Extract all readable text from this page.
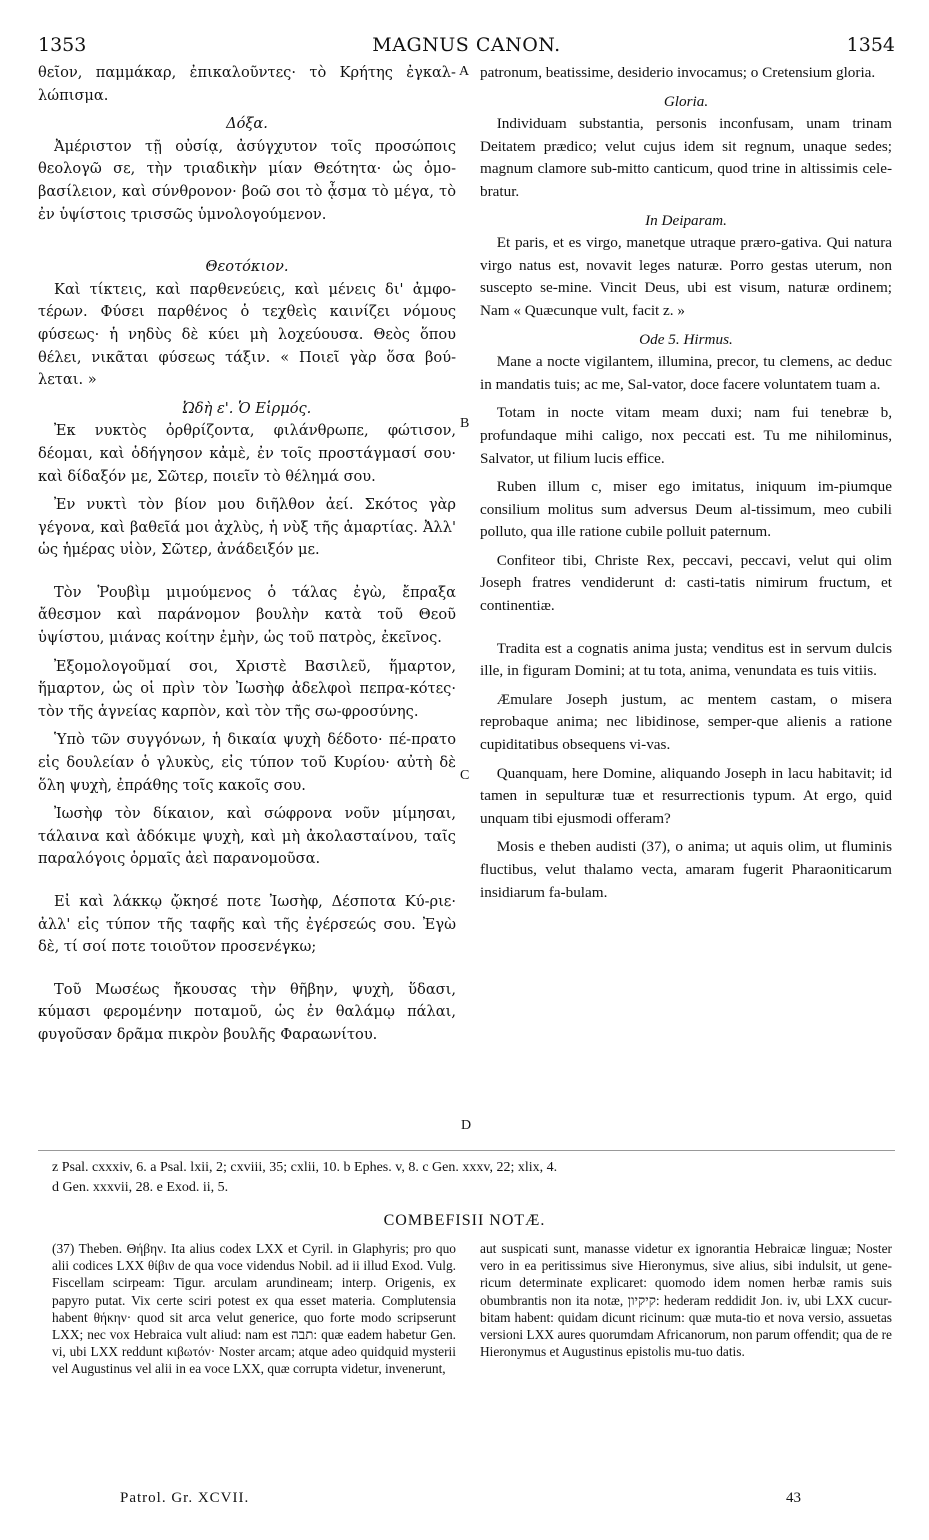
1353	MAGNUS CANON.	1354
A
B
C
D

θεῖον, παμμάκαρ, ἐπικαλοῦντες· τὸ Κρήτης ἐγκαλ-λώπισμα.

Δόξα.

Ἀμέριστον τῇ οὐσίᾳ, ἀσύγχυτον τοῖς προσώποις θεολογῶ σε, τὴν τριαδικὴν μίαν Θεότητα· ὡς ὁμο-βασίλειον, καὶ σύνθρονον· βοῶ σοι τὸ ᾆσμα τὸ μέγα, τὸ ἐν ὑψίστοις τρισσῶς ὑμνολογούμενον.

Θεοτόκιον.

Καὶ τίκτεις, καὶ παρθενεύεις, καὶ μένεις δι' ἀμφο-τέρων. Φύσει παρθένος ὁ τεχθεὶς καινίζει νόμους φύσεως· ἡ νηδὺς δὲ κύει μὴ λοχεύουσα. Θεὸς ὅπου θέλει, νικᾶται φύσεως τάξιν. « Ποιεῖ γὰρ ὅσα βού-λεται. »

Ὠδὴ ε'. Ὁ Εἱρμός.

Ἐκ νυκτὸς ὀρθρίζοντα, φιλάνθρωπε, φώτισον, δέομαι, καὶ ὁδήγησον κἀμὲ, ἐν τοῖς προστάγμασί σου· καὶ δίδαξόν με, Σῶτερ, ποιεῖν τὸ θέλημά σου.

Ἐν νυκτὶ τὸν βίον μου διῆλθον ἀεί. Σκότος γὰρ γέγονα, καὶ βαθεῖά μοι ἀχλὺς, ἡ νὺξ τῆς ἁμαρτίας. Ἀλλ' ὡς ἡμέρας υἱὸν, Σῶτερ, ἀνάδειξόν με.

Τὸν Ῥουβὶμ μιμούμενος ὁ τάλας ἐγὼ, ἔπραξα ἄθεσμον καὶ παράνομον βουλὴν κατὰ τοῦ Θεοῦ ὑψίστου, μιάνας κοίτην ἐμὴν, ὡς τοῦ πατρὸς, ἐκεῖνος.

Ἐξομολογοῦμαί σοι, Χριστὲ Βασιλεῦ, ἥμαρτον, ἥμαρτον, ὡς οἱ πρὶν τὸν Ἰωσὴφ ἀδελφοὶ πεπρα-κότες· τὸν τῆς ἁγνείας καρπὸν, καὶ τὸν τῆς σω-φροσύνης.

Ὑπὸ τῶν συγγόνων, ἡ δικαία ψυχὴ δέδοτο· πέ-πρατο εἰς δουλείαν ὁ γλυκὺς, εἰς τύπον τοῦ Κυρίου· αὐτὴ δὲ ὅλη ψυχὴ, ἐπράθης τοῖς κακοῖς σου.

Ἰωσὴφ τὸν δίκαιον, καὶ σώφρονα νοῦν μίμησαι, τάλαινα καὶ ἀδόκιμε ψυχὴ, καὶ μὴ ἀκολασταίνου, ταῖς παραλόγοις ὁρμαῖς ἀεὶ παρανομοῦσα.

Εἰ καὶ λάκκῳ ᾤκησέ ποτε Ἰωσὴφ, Δέσποτα Κύ-ριε· ἀλλ' εἰς τύπον τῆς ταφῆς καὶ τῆς ἐγέρσεώς σου. Ἐγὼ δὲ, τί σοί ποτε τοιοῦτον προσενέγκω;

Τοῦ Μωσέως ἤκουσας τὴν θῆβην, ψυχὴ, ὕδασι, κύμασι φερομένην ποταμοῦ, ὡς ἐν θαλάμῳ πάλαι, φυγοῦσαν δρᾶμα πικρὸν βουλῆς Φαραωνίτου.

patronum, beatissime, desiderio invocamus; o Cretensium gloria.

Gloria.

Individuam substantia, personis inconfusam, unam trinam Deitatem prædico; velut cujus idem sit regnum, unaque sedes; magnum clamore sub-mitto canticum, quod trine in altissimis cele-bratur.

In Deiparam.

Et paris, et es virgo, manetque utraque præro-gativa. Qui natura virgo natus est, novavit leges naturæ. Porro gestas uterum, non suscepto se-mine. Vincit Deus, ubi est visum, naturæ ordinem; Nam « Quæcunque vult, facit z. »

Ode 5. Hirmus.

Mane a nocte vigilantem, illumina, precor, tu clemens, ac deduc in mandatis tuis; ac me, Sal-vator, doce facere voluntatem tuam a.

Totam in nocte vitam meam duxi; nam fui tenebræ b, profundaque mihi caligo, nox peccati est. Tu me nihilominus, Salvator, ut filium lucis effice.

Ruben illum c, miser ego imitatus, iniquum im-piumque consilium molitus sum adversus Deum al-tissimum, meo cubili polluto, qua ille ratione cubile polluit paternum.

Confiteor tibi, Christe Rex, peccavi, peccavi, velut qui olim Joseph fratres vendiderunt d: casti-tatis nimirum fructum, et continentiæ.

Tradita est a cognatis anima justa; venditus est in servum dulcis ille, in figuram Domini; at tu tota, anima, venundata es tuis vitiis.

Æmulare Joseph justum, ac mentem castam, o misera reprobaque anima; nec libidinose, semper-que alienis a ratione cupiditatibus obsequens vi-vas.

Quanquam, here Domine, aliquando Joseph in lacu habitavit; id tamen in sepulturæ tuæ et resurrectionis typum. At ergo, quid unquam tibi ejusmodi offeram?

Mosis e theben audisti (37), o anima; ut aquis olim, ut fluminis fluctibus, velut thalamo vecta, amaram fugerit Pharaoniticarum insidiarum fa-bulam.

z Psal. cxxxiv, 6. a Psal. lxii, 2; cxviii, 35; cxlii, 10. b Ephes. v, 8. c Gen. xxxv, 22; xlix, 4.
d Gen. xxxvii, 28. e Exod. ii, 5.
COMBEFISII NOTÆ.
(37) Theben. Θήβην. Ita alius codex LXX et Cyril. in Glaphyris; pro quo alii codices LXX θίβιν de qua voce videndus Nobil. ad ii illud Exod. Vulg. Fiscellam scirpeam: Tigur. arculam arundineam; interp. Origenis, ex papyro putat. Vix certe sciri potest ex qua esset materia. Complutensia habent θήκην· quod sit arca velut generice, quo forte modo scripserunt LXX; nec vox Hebraica vult aliud: nam est תבה: quæ eadem habetur Gen. vi, ubi LXX reddunt κιβωτόν· Noster arcam; atque adeo quidquid mysterii vel Augustinus vel alii in ea voce LXX, quæ corrupta videtur, invenerunt,
aut suspicati sunt, manasse videtur ex ignorantia Hebraicæ linguæ; Noster vero in ea peritissimus sive Hieronymus, sive alius, sibi indulsit, ut gene-ricum determinate explicaret: quomodo idem nomen herbæ ramis suis obumbrantis non ita notæ, קיקיון: hederam reddidit Jon. iv, ubi LXX cucur-bitam habent: quidam dicunt ricinum: quæ muta-tio et nova versio, assuetas versioni LXX aures quorumdam Africanorum, non parum offendit; qua de re Hieronymus et Augustinus epistolis mu-tuo datis.
Patrol. Gr. XCVII.	43
